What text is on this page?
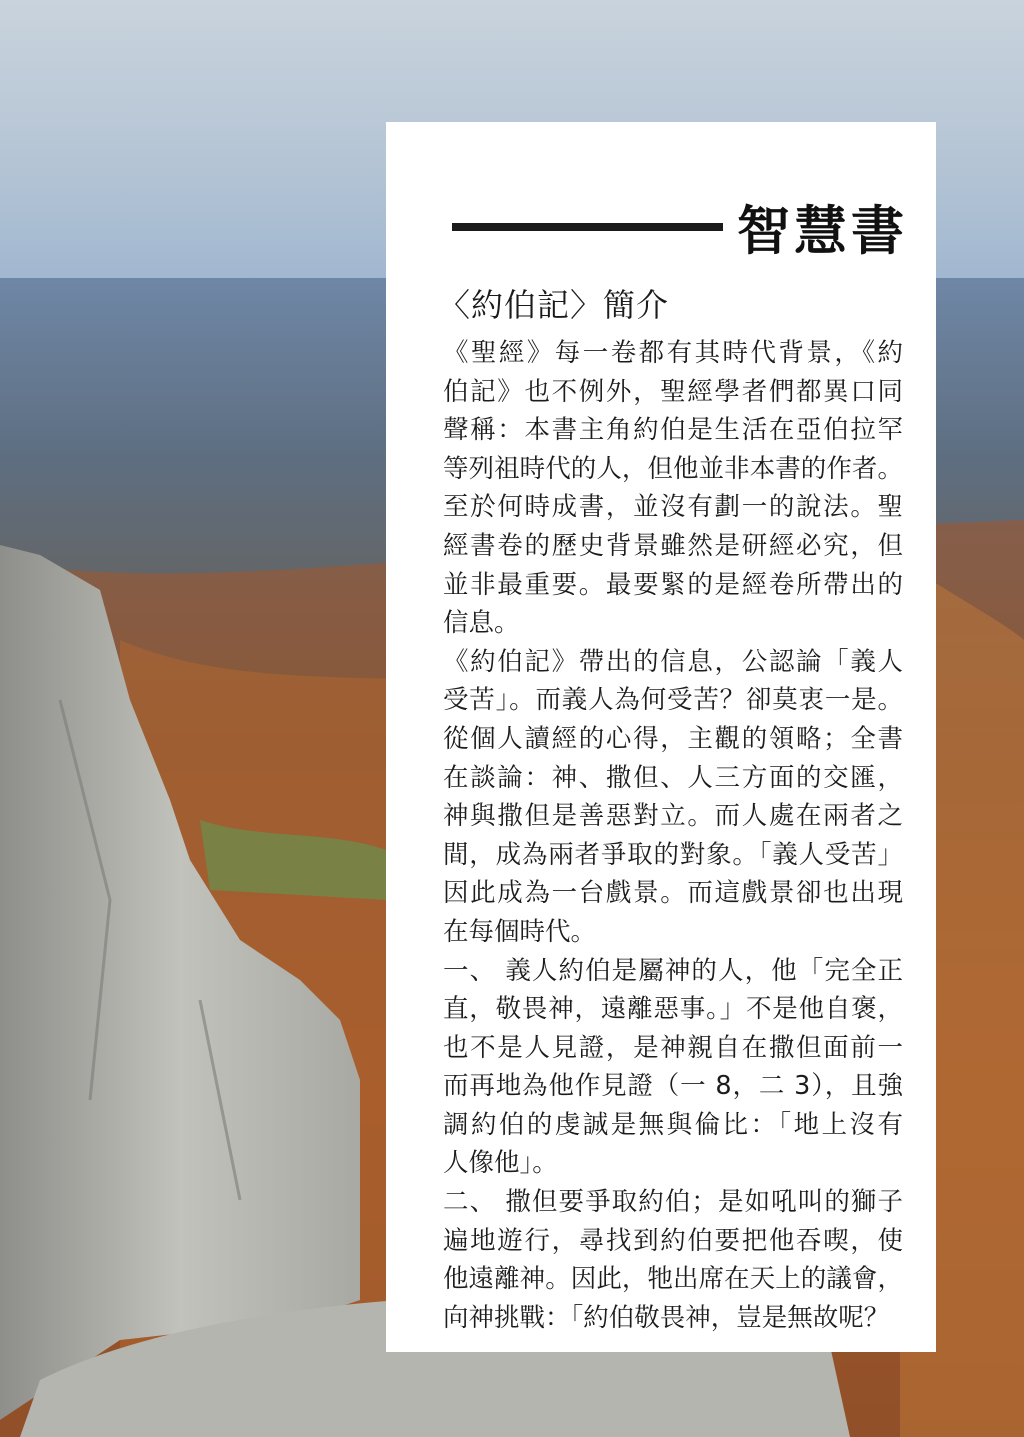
智慧書
〈約伯記〉簡介
《聖經》每一卷都有其時代背景，《約
伯記》也不例外，聖經學者們都異口同
聲稱：本書主角約伯是生活在亞伯拉罕
等列祖時代的人，但他並非本書的作者。
至於何時成書，並沒有劃一的說法。聖
經書卷的歷史背景雖然是研經必究，但
並非最重要。最要緊的是經卷所帶出的
信息。
《約伯記》帶出的信息，公認論「義人
受苦」。而義人為何受苦？卻莫衷一是。
從個人讀經的心得，主觀的領略；全書
在談論：神、撒但、人三方面的交匯，
神與撒但是善惡對立。而人處在兩者之
間，成為兩者爭取的對象。「義人受苦」
因此成為一台戲景。而這戲景卻也出現
在每個時代。
一、 義人約伯是屬神的人，他「完全正
直，敬畏神，遠離惡事。」不是他自褒，
也不是人見證，是神親自在撒但面前一
而再地為他作見證（一 8，二 3），且強
調約伯的虔誠是無與倫比：「地上沒有
人像他」。
二、 撒但要爭取約伯；是如吼叫的獅子
遍地遊行，尋找到約伯要把他吞喫，使
他遠離神。因此，牠出席在天上的議會，
向神挑戰：「約伯敬畏神，豈是無故呢？
